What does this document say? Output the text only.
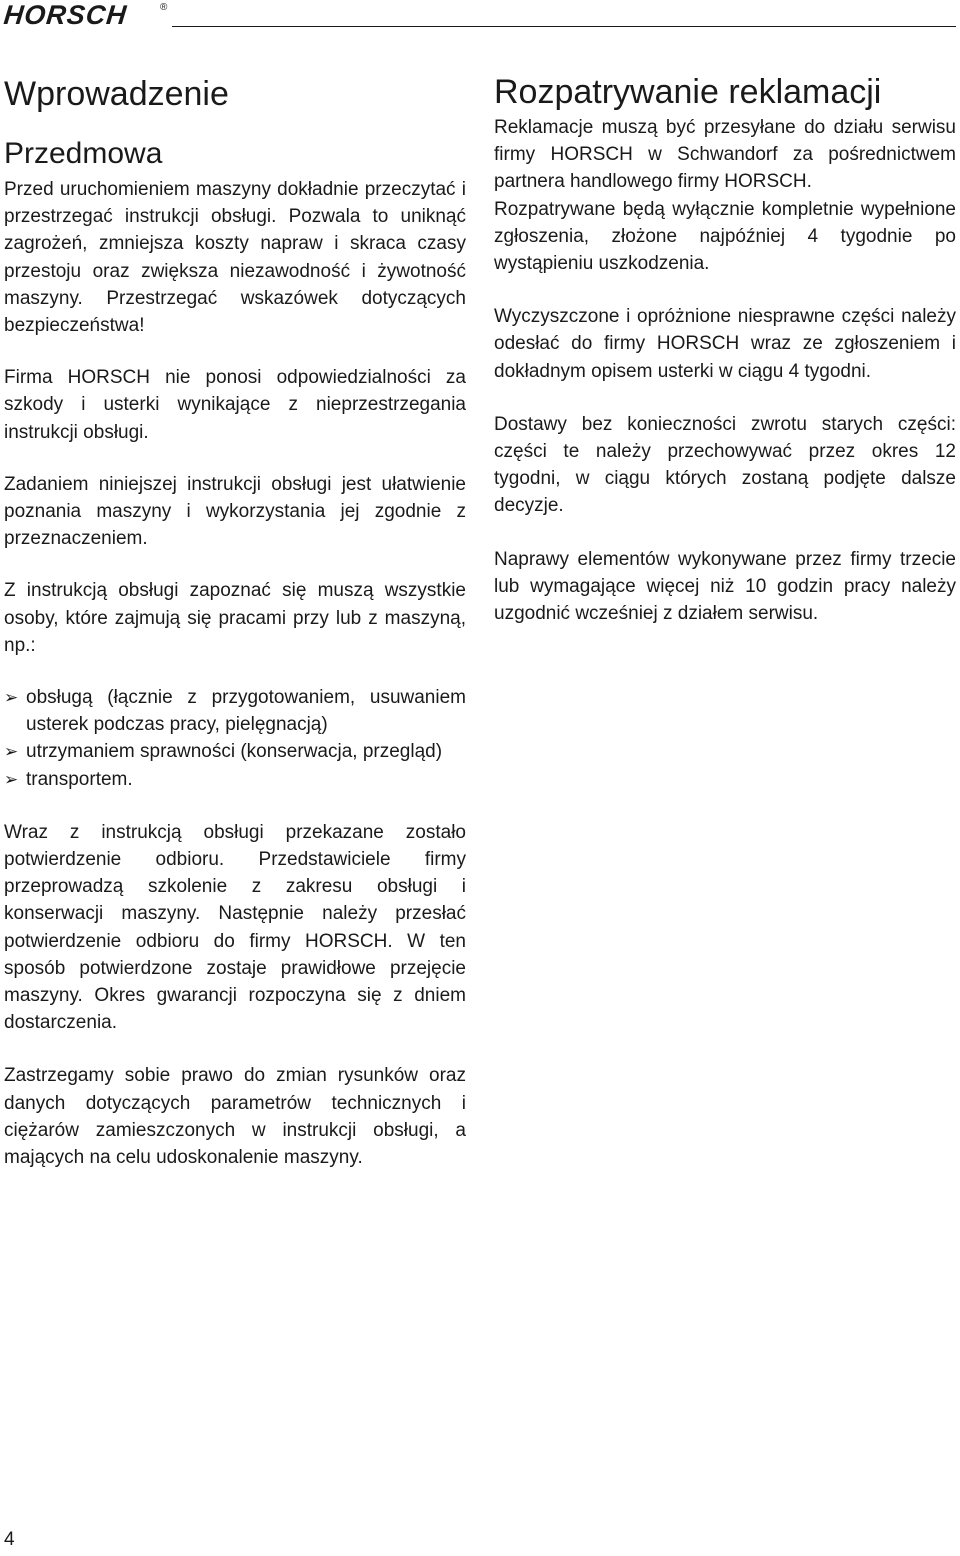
HORSCH	®
Wprowadzenie
Przedmowa

Przed uruchomieniem maszyny dokładnie przeczytać i przestrzegać instrukcji obsługi. Pozwala to uniknąć zagrożeń, zmniejsza koszty napraw i skraca czasy przestoju oraz zwiększa niezawodność i żywotność maszyny. Przestrzegać wskazówek dotyczących bezpieczeństwa!

Firma HORSCH nie ponosi odpowiedzialności za szkody i usterki wynikające z nieprzestrzegania instrukcji obsługi.

Zadaniem niniejszej instrukcji obsługi jest ułatwienie poznania maszyny i wykorzystania jej zgodnie z przeznaczeniem.

Z instrukcją obsługi zapoznać się muszą wszystkie osoby, które zajmują się pracami przy lub z maszyną, np.:

➢ obsługą (łącznie z przygotowaniem, usuwaniem usterek podczas pracy, pielęgnacją)
➢ utrzymaniem sprawności (konserwacja, przegląd)
➢ transportem.

Wraz z instrukcją obsługi przekazane zostało potwierdzenie odbioru. Przedstawiciele firmy przeprowadzą szkolenie z zakresu obsługi i konserwacji maszyny. Następnie należy przesłać potwierdzenie odbioru do firmy HORSCH. W ten sposób potwierdzone zostaje prawidłowe przejęcie maszyny. Okres gwarancji rozpoczyna się z dniem dostarczenia.

Zastrzegamy sobie prawo do zmian rysunków oraz danych dotyczących parametrów technicznych i ciężarów zamieszczonych w instrukcji obsługi, a mających na celu udoskonalenie maszyny.

Rozpatrywanie reklamacji

Reklamacje muszą być przesyłane do działu serwisu firmy HORSCH w Schwandorf za pośrednictwem partnera handlowego firmy HORSCH.

Rozpatrywane będą wyłącznie kompletnie wypełnione zgłoszenia, złożone najpóźniej 4 tygodnie po wystąpieniu uszkodzenia.

Wyczyszczone i opróżnione niesprawne części należy odesłać do firmy HORSCH wraz ze zgłoszeniem i dokładnym opisem usterki w ciągu 4 tygodni.

Dostawy bez konieczności zwrotu starych części: części te należy przechowywać przez okres 12 tygodni, w ciągu których zostaną podjęte dalsze decyzje.

Naprawy elementów wykonywane przez firmy trzecie lub wymagające więcej niż 10 godzin pracy należy uzgodnić wcześniej z działem serwisu.

4
